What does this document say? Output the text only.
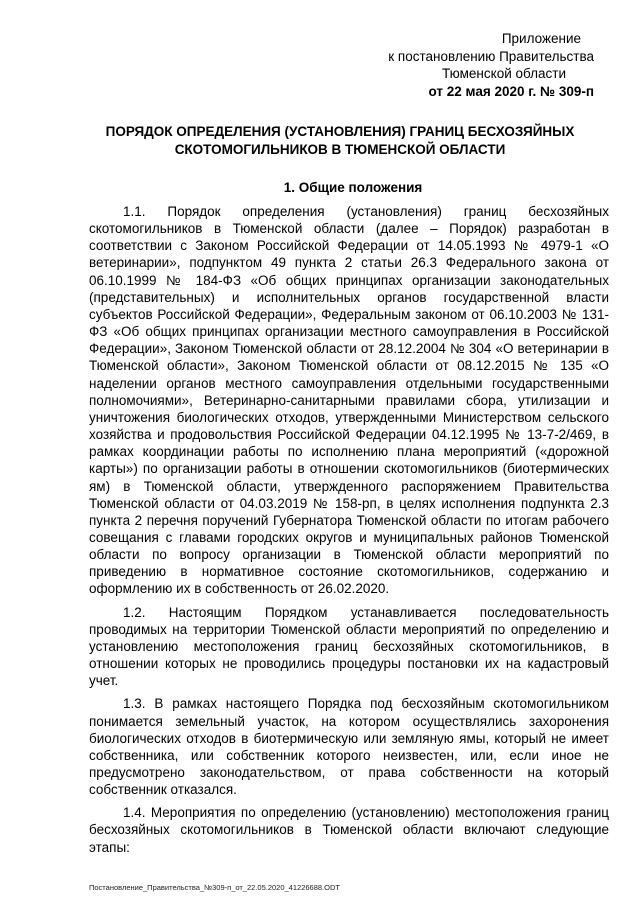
Приложение
к постановлению Правительства
Тюменской области
от 22 мая 2020 г. № 309-п
ПОРЯДОК ОПРЕДЕЛЕНИЯ (УСТАНОВЛЕНИЯ) ГРАНИЦ БЕСХОЗЯЙНЫХ СКОТОМОГИЛЬНИКОВ В ТЮМЕНСКОЙ ОБЛАСТИ
1. Общие положения

1.1. Порядок определения (установления) границ бесхозяйных скотомогильников в Тюменской области (далее – Порядок) разработан в соответствии с Законом Российской Федерации от 14.05.1993 № 4979-1 «О ветеринарии», подпунктом 49 пункта 2 статьи 26.3 Федерального закона от 06.10.1999 № 184-ФЗ «Об общих принципах организации законодательных (представительных) и исполнительных органов государственной власти субъектов Российской Федерации», Федеральным законом от 06.10.2003 № 131-ФЗ «Об общих принципах организации местного самоуправления в Российской Федерации», Законом Тюменской области от 28.12.2004 № 304 «О ветеринарии в Тюменской области», Законом Тюменской области от 08.12.2015 № 135 «О наделении органов местного самоуправления отдельными государственными полномочиями», Ветеринарно-санитарными правилами сбора, утилизации и уничтожения биологических отходов, утвержденными Министерством сельского хозяйства и продовольствия Российской Федерации 04.12.1995 № 13-7-2/469, в рамках координации работы по исполнению плана мероприятий («дорожной карты») по организации работы в отношении скотомогильников (биотермических ям) в Тюменской области, утвержденного распоряжением Правительства Тюменской области от 04.03.2019 № 158-рп, в целях исполнения подпункта 2.3 пункта 2 перечня поручений Губернатора Тюменской области по итогам рабочего совещания с главами городских округов и муниципальных районов Тюменской области по вопросу организации в Тюменской области мероприятий по приведению в нормативное состояние скотомогильников, содержанию и оформлению их в собственность от 26.02.2020.

1.2. Настоящим Порядком устанавливается последовательность проводимых на территории Тюменской области мероприятий по определению и установлению местоположения границ бесхозяйных скотомогильников, в отношении которых не проводились процедуры постановки их на кадастровый учет.

1.3. В рамках настоящего Порядка под бесхозяйным скотомогильником понимается земельный участок, на котором осуществлялись захоронения биологических отходов в биотермическую или земляную ямы, который не имеет собственника, или собственник которого неизвестен, или, если иное не предусмотрено законодательством, от права собственности на который собственник отказался.

1.4. Мероприятия по определению (установлению) местоположения границ бесхозяйных скотомогильников в Тюменской области включают следующие этапы:

Постановление_Правительства_№309-п_от_22.05.2020_41226688.ODT
